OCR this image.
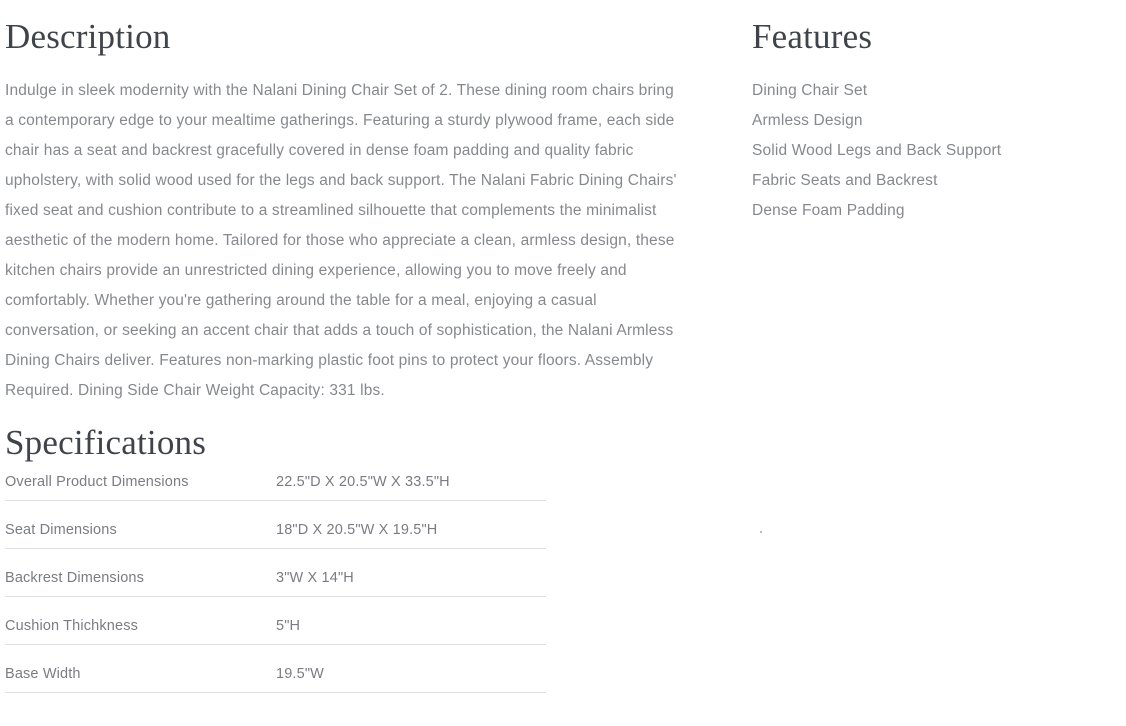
Description

Indulge in sleek modernity with the Nalani Dining Chair Set of 2. These dining room chairs bring a contemporary edge to your mealtime gatherings. Featuring a sturdy plywood frame, each side chair has a seat and backrest gracefully covered in dense foam padding and quality fabric upholstery, with solid wood used for the legs and back support. The Nalani Fabric Dining Chairs' fixed seat and cushion contribute to a streamlined silhouette that complements the minimalist aesthetic of the modern home. Tailored for those who appreciate a clean, armless design, these kitchen chairs provide an unrestricted dining experience, allowing you to move freely and comfortably. Whether you're gathering around the table for a meal, enjoying a casual conversation, or seeking an accent chair that adds a touch of sophistication, the Nalani Armless Dining Chairs deliver. Features non-marking plastic foot pins to protect your floors. Assembly Required. Dining Side Chair Weight Capacity: 331 lbs.

Specifications
Overall Product Dimensions	22.5"D X 20.5"W X 33.5"H
Seat Dimensions	18"D X 20.5"W X 19.5"H
Backrest Dimensions	3"W X 14"H
Cushion Thichkness	5"H
Base Width	19.5"W
Features
Dining Chair Set
Armless Design
Solid Wood Legs and Back Support
Fabric Seats and Backrest
Dense Foam Padding
